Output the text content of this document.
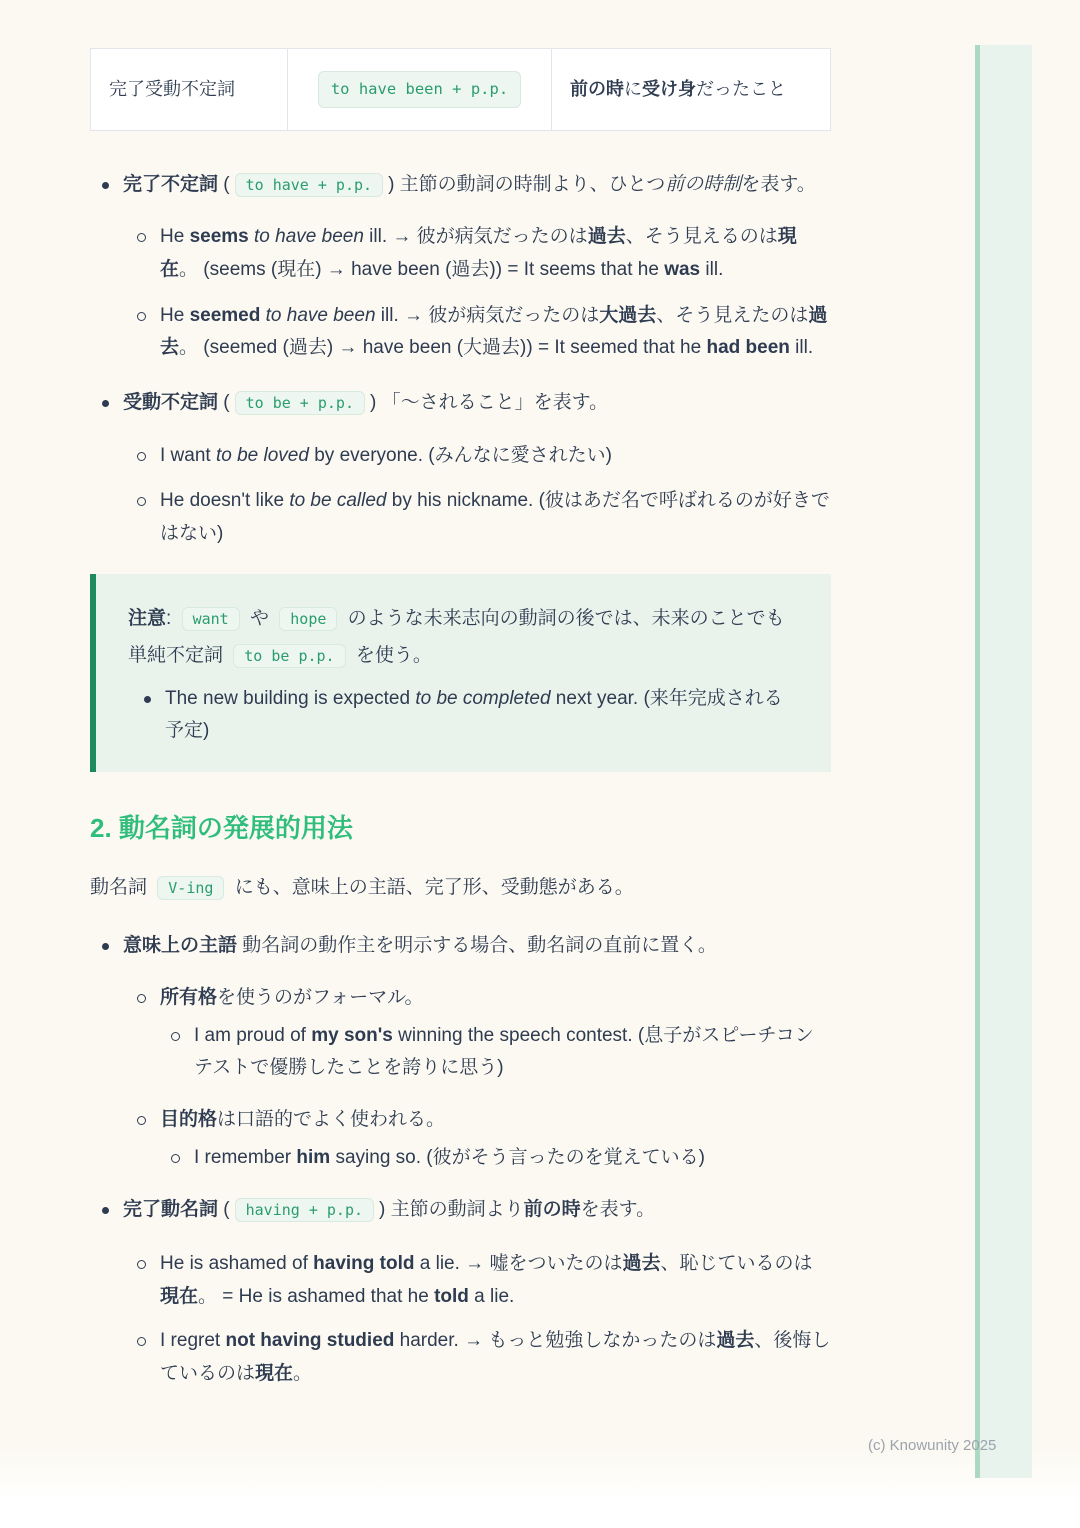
完了受動不定詞	to have been + p.p.	前の時 に 受け身 だったこと
完了不定詞 ( to have + p.p. ) 主節の動詞の時制より、ひとつ前の時制を表す。
He seems to have been ill. → 彼が病気だったのは過去、そう見えるのは現在。 (seems (現在) → have been (過去)) = It seems that he was ill.
He seemed to have been ill. → 彼が病気だったのは大過去、そう見えたのは過去。 (seemed (過去) → have been (大過去)) = It seemed that he had been ill.
受動不定詞 ( to be + p.p. ) 「〜されること」を表す。
I want to be loved by everyone. (みんなに愛されたい)
He doesn't like to be called by his nickname. (彼はあだ名で呼ばれるのが好きではない)
注意: want や hope のような未来志向の動詞の後では、未来のことでも単純不定詞 to be p.p. を使う。
The new building is expected to be completed next year. (来年完成される予定)
2. 動名詞の発展的用法

動名詞 V-ing にも、意味上の主語、完了形、受動態がある。

意味上の主語 動名詞の動作主を明示する場合、動名詞の直前に置く。
所有格を使うのがフォーマル。
I am proud of my son's winning the speech contest. (息子がスピーチコンテストで優勝したことを誇りに思う)
目的格は口語的でよく使われる。
I remember him saying so. (彼がそう言ったのを覚えている)
完了動名詞 ( having + p.p. ) 主節の動詞より前の時を表す。
He is ashamed of having told a lie. → 嘘をついたのは過去、恥じているのは現在。 = He is ashamed that he told a lie.
I regret not having studied harder. → もっと勉強しなかったのは過去、後悔しているのは現在。
(c) Knowunity 2025
